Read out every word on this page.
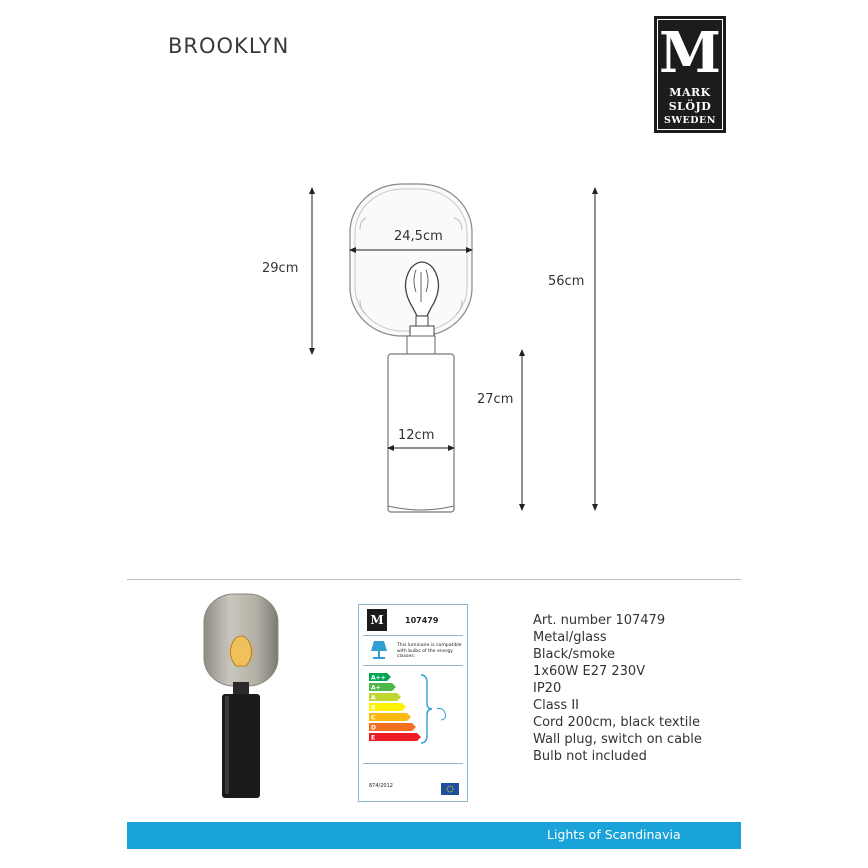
BROOKLYN	M
MARK
SLÖJD
SWEDEN
24,5cm
29cm
56cm
27cm
12cm
M
A++
A+
A
B
C
D
E
107479
This luminaire is compatible with bulbs of the energy classes:
874/2012
Art. number 107479
Metal/glass
Black/smoke
1x60W E27 230V
IP20
Class II
Cord 200cm, black textile
Wall plug, switch on cable
Bulb not included
Lights of Scandinavia
